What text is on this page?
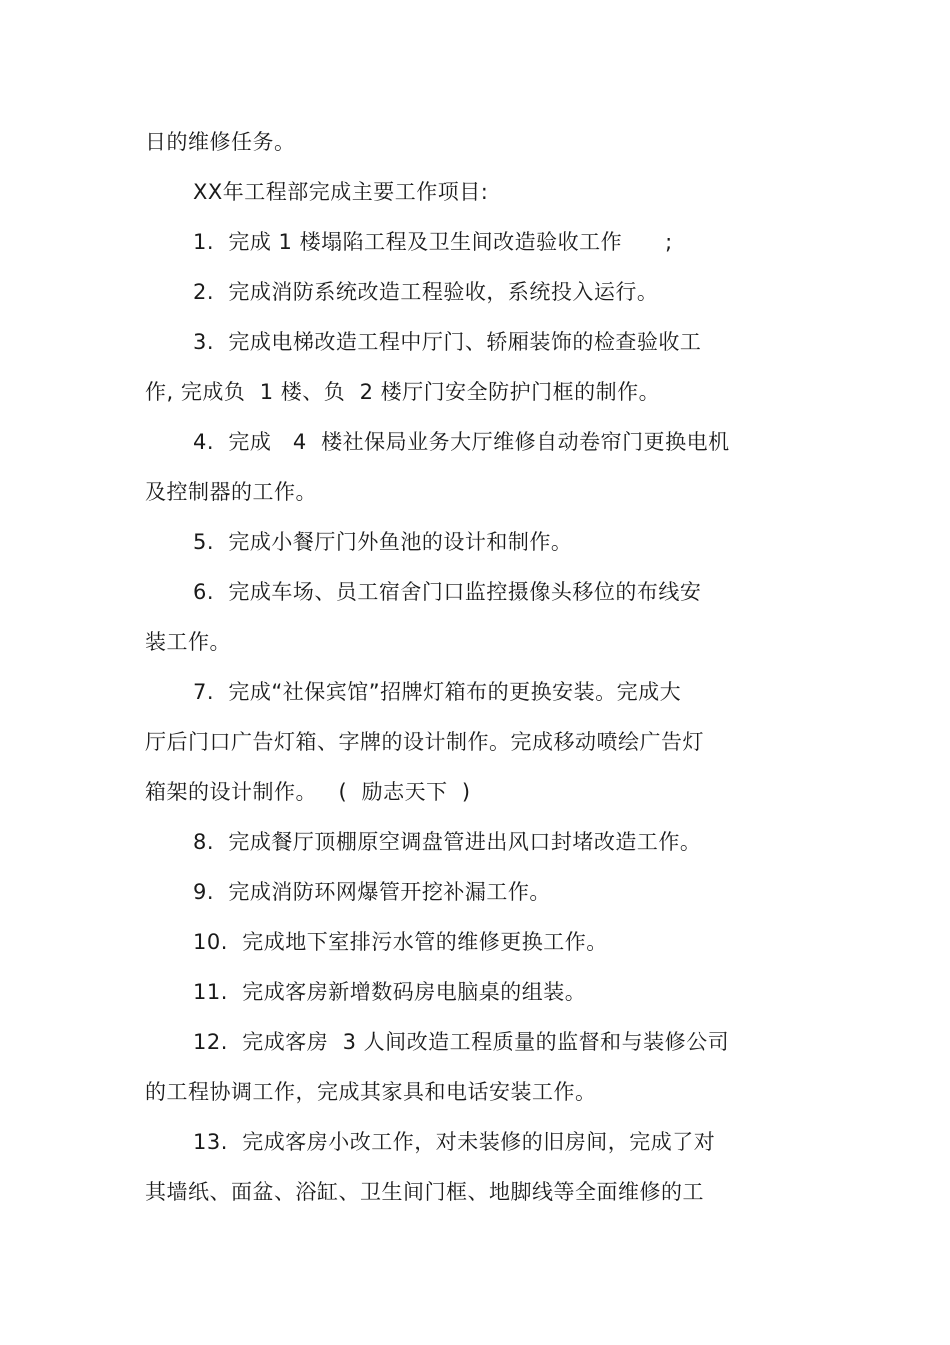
日的维修任务。
XX年工程部完成主要工作项目:
1.  完成 1 楼塌陷工程及卫生间改造验收工作      ;
2.  完成消防系统改造工程验收，系统投入运行。
3.  完成电梯改造工程中厅门、轿厢装饰的检查验收工
作, 完成负  1 楼、负  2 楼厅门安全防护门框的制作。
4.  完成   4  楼社保局业务大厅维修自动卷帘门更换电机
及控制器的工作。
5.  完成小餐厅门外鱼池的设计和制作。
6.  完成车场、员工宿舍门口监控摄像头移位的布线安
装工作。
7.  完成“社保宾馆”招牌灯箱布的更换安装。完成大
厅后门口广告灯箱、字牌的设计制作。完成移动喷绘广告灯
箱架的设计制作。   (  励志天下  )
8.  完成餐厅顶棚原空调盘管进出风口封堵改造工作。
9.  完成消防环网爆管开挖补漏工作。
10.  完成地下室排污水管的维修更换工作。
11.  完成客房新增数码房电脑桌的组装。
12.  完成客房  3 人间改造工程质量的监督和与装修公司
的工程协调工作，完成其家具和电话安装工作。
13.  完成客房小改工作，对未装修的旧房间，完成了对
其墙纸、面盆、浴缸、卫生间门框、地脚线等全面维修的工
